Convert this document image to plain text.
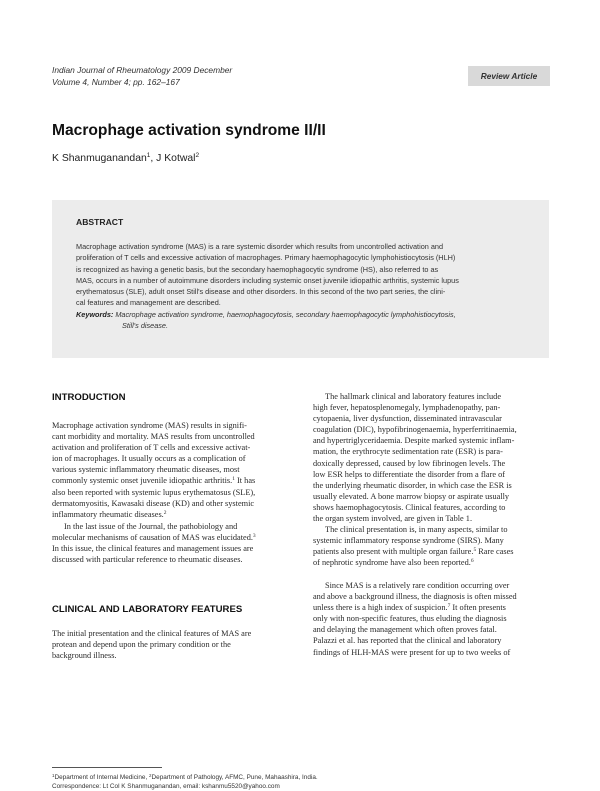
Indian Journal of Rheumatology 2009 December
Volume 4, Number 4; pp. 162–167
Review Article
Macrophage activation syndrome II/II
K Shanmuganandan$^1$, J Kotwal$^2$
ABSTRACT
Macrophage activation syndrome (MAS) is a rare systemic disorder which results from uncontrolled activation and
proliferation of T cells and excessive activation of macrophages. Primary haemophagocytic lymphohistiocytosis (HLH)
is recognized as having a genetic basis, but the secondary haemophagocytic syndrome (HS), also referred to as
MAS, occurs in a number of autoimmune disorders including systemic onset juvenile idiopathic arthritis, systemic lupus
erythematosus (SLE), adult onset Still's disease and other disorders. In this second of the two part series, the clini-
cal features and management are described.
Keywords: Macrophage activation syndrome, haemophagocytosis, secondary haemophagocytic lymphohistiocytosis,
Still's disease.
INTRODUCTION
Macrophage activation syndrome (MAS) results in signifi-
cant morbidity and mortality. MAS results from uncontrolled
activation and proliferation of T cells and excessive activat-
ion of macrophages. It usually occurs as a complication of
various systemic inflammatory rheumatic diseases, most
commonly systemic onset juvenile idiopathic arthritis.$^1$ It has
also been reported with systemic lupus erythematosus (SLE),
dermatomyositis, Kawasaki disease (KD) and other systemic
inflammatory rheumatic diseases.$^2$
In the last issue of the Journal, the pathobiology and
molecular mechanisms of causation of MAS was elucidated.$^3$
In this issue, the clinical features and management issues are
discussed with particular reference to rheumatic diseases.
CLINICAL AND LABORATORY FEATURES
The initial presentation and the clinical features of MAS are
protean and depend upon the primary condition or the
background illness.
The hallmark clinical and laboratory features include
high fever, hepatosplenomegaly, lymphadenopathy, pan-
cytopaenia, liver dysfunction, disseminated intravascular
coagulation (DIC), hypofibrinogenaemia, hyperferritinaemia,
and hypertriglyceridaemia. Despite marked systemic inflam-
mation, the erythrocyte sedimentation rate (ESR) is para-
doxically depressed, caused by low fibrinogen levels. The
low ESR helps to differentiate the disorder from a flare of
the underlying rheumatic disorder, in which case the ESR is
usually elevated. A bone marrow biopsy or aspirate usually
shows haemophagocytosis. Clinical features, according to
the organ system involved, are given in Table 1.
The clinical presentation is, in many aspects, similar to
systemic inflammatory response syndrome (SIRS). Many
patients also present with multiple organ failure.$^5$ Rare cases
of nephrotic syndrome have also been reported.$^6$
Since MAS is a relatively rare condition occurring over
and above a background illness, the diagnosis is often missed
unless there is a high index of suspicion.$^7$ It often presents
only with non-specific features, thus eluding the diagnosis
and delaying the management which often proves fatal.
Palazzi et al. has reported that the clinical and laboratory
findings of HLH-MAS were present for up to two weeks of
$^1$Department of Internal Medicine, $^2$Department of Pathology, AFMC, Pune, Mahaashira, India.
Correspondence: Lt Col K Shanmuganandan, email: kshanmu5520@yahoo.com
